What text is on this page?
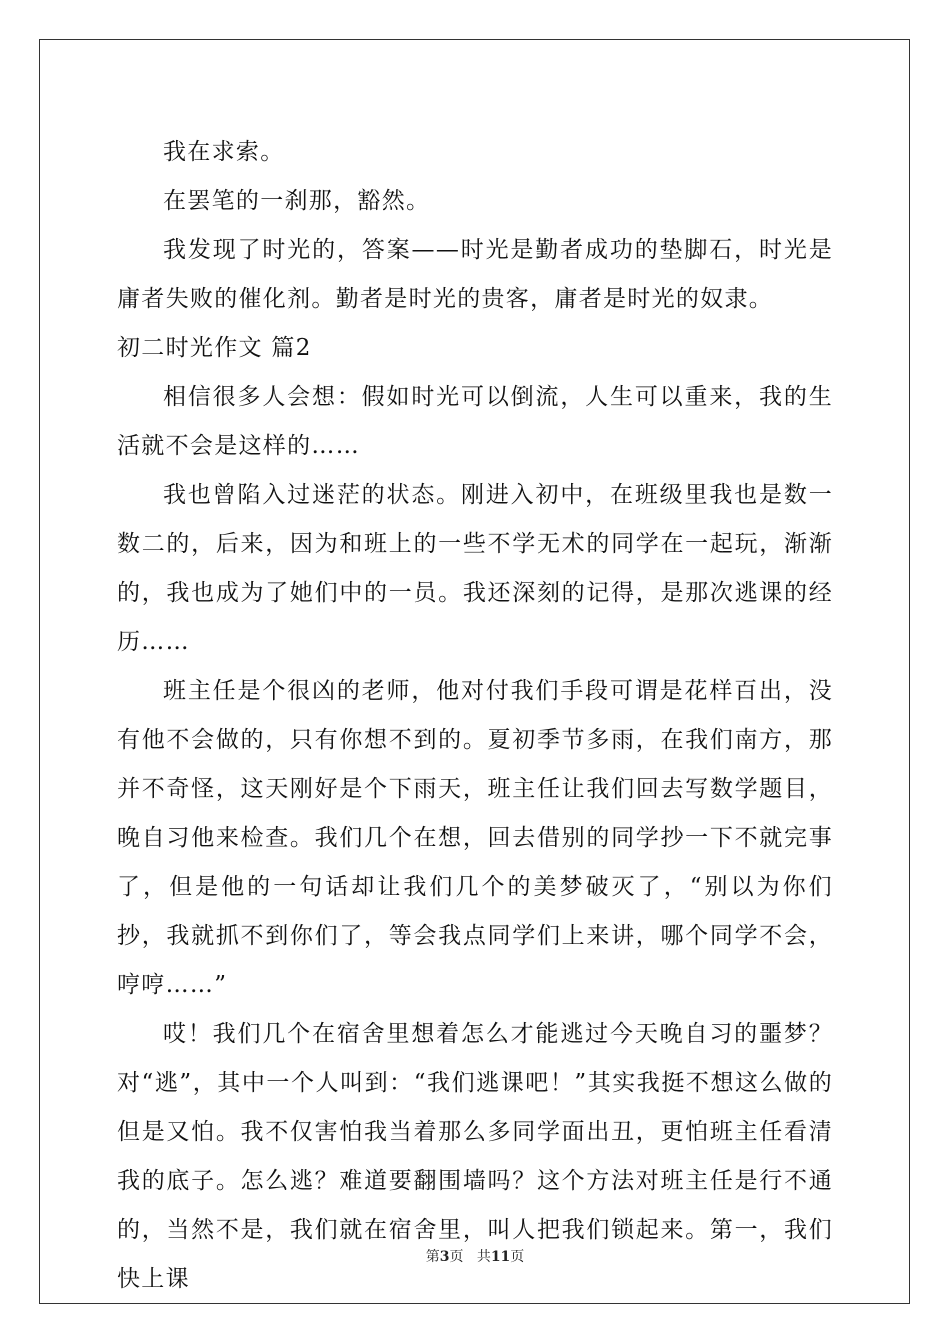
我在求索。

在罢笔的一刹那，豁然。

我发现了时光的，答案——时光是勤者成功的垫脚石，时光是庸者失败的催化剂。勤者是时光的贵客，庸者是时光的奴隶。

初二时光作文 篇2

相信很多人会想：假如时光可以倒流，人生可以重来，我的生活就不会是这样的……

我也曾陷入过迷茫的状态。刚进入初中，在班级里我也是数一数二的，后来，因为和班上的一些不学无术的同学在一起玩，渐渐的，我也成为了她们中的一员。我还深刻的记得，是那次逃课的经历……

班主任是个很凶的老师，他对付我们手段可谓是花样百出，没有他不会做的，只有你想不到的。夏初季节多雨，在我们南方，那并不奇怪，这天刚好是个下雨天，班主任让我们回去写数学题目，晚自习他来检查。我们几个在想，回去借别的同学抄一下不就完事了，但是他的一句话却让我们几个的美梦破灭了，“别以为你们抄，我就抓不到你们了，等会我点同学们上来讲，哪个同学不会，哼哼……”

哎！我们几个在宿舍里想着怎么才能逃过今天晚自习的噩梦？对“逃”，其中一个人叫到：“我们逃课吧！”其实我挺不想这么做的但是又怕。我不仅害怕我当着那么多同学面出丑，更怕班主任看清我的底子。怎么逃？难道要翻围墙吗？这个方法对班主任是行不通的，当然不是，我们就在宿舍里，叫人把我们锁起来。第一，我们快上课

第3页 共11页
